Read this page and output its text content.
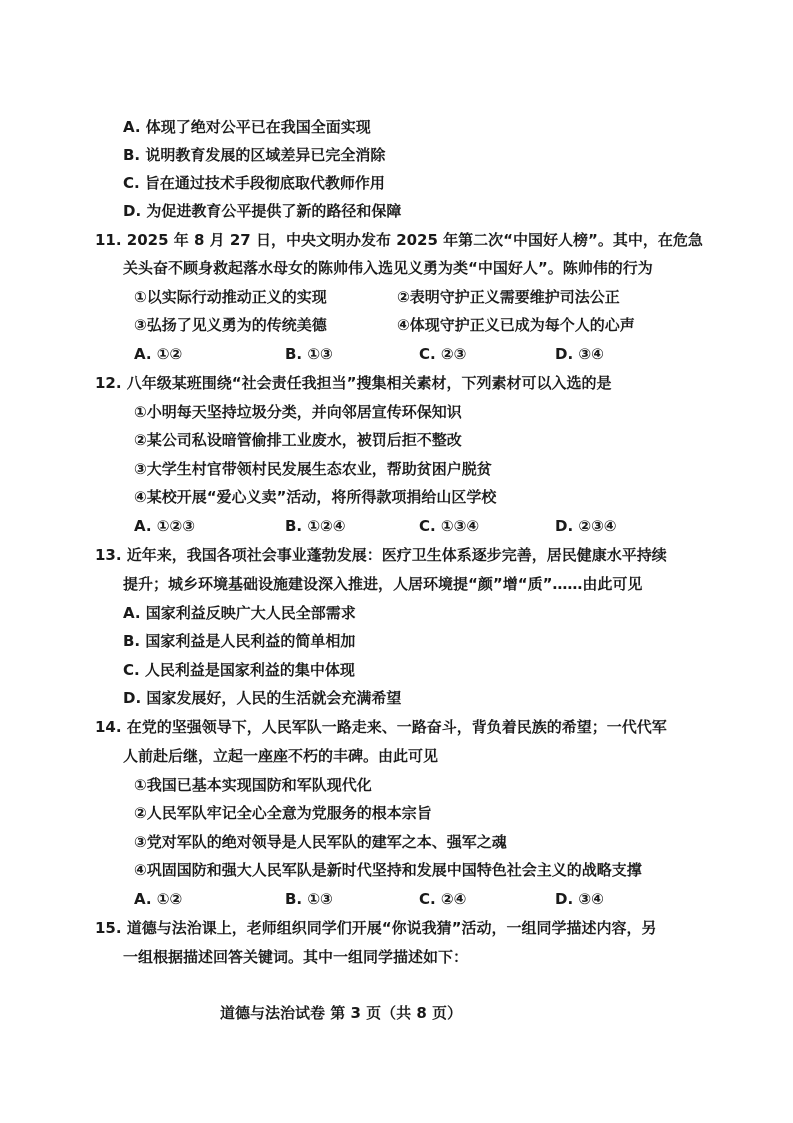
A. 体现了绝对公平已在我国全面实现
B. 说明教育发展的区域差异已完全消除
C. 旨在通过技术手段彻底取代教师作用
D. 为促进教育公平提供了新的路径和保障
11. 2025 年 8 月 27 日，中央文明办发布 2025 年第二次“中国好人榜”。其中，在危急
关头奋不顾身救起落水母女的陈帅伟入选见义勇为类“中国好人”。陈帅伟的行为
①以实际行动推动正义的实现	②表明守护正义需要维护司法公正
③弘扬了见义勇为的传统美德	④体现守护正义已成为每个人的心声
A. ①②	B. ①③	C. ②③	D. ③④
12. 八年级某班围绕“社会责任我担当”搜集相关素材，下列素材可以入选的是
①小明每天坚持垃圾分类，并向邻居宣传环保知识
②某公司私设暗管偷排工业废水，被罚后拒不整改
③大学生村官带领村民发展生态农业，帮助贫困户脱贫
④某校开展“爱心义卖”活动，将所得款项捐给山区学校
A. ①②③	B. ①②④	C. ①③④	D. ②③④
13. 近年来，我国各项社会事业蓬勃发展：医疗卫生体系逐步完善，居民健康水平持续
提升；城乡环境基础设施建设深入推进，人居环境提“颜”增“质”……由此可见
A. 国家利益反映广大人民全部需求
B. 国家利益是人民利益的简单相加
C. 人民利益是国家利益的集中体现
D. 国家发展好，人民的生活就会充满希望
14. 在党的坚强领导下，人民军队一路走来、一路奋斗，背负着民族的希望；一代代军
人前赴后继，立起一座座不朽的丰碑。由此可见
①我国已基本实现国防和军队现代化
②人民军队牢记全心全意为党服务的根本宗旨
③党对军队的绝对领导是人民军队的建军之本、强军之魂
④巩固国防和强大人民军队是新时代坚持和发展中国特色社会主义的战略支撑
A. ①②	B. ①③	C. ②④	D. ③④
15. 道德与法治课上，老师组织同学们开展“你说我猜”活动，一组同学描述内容，另
一组根据描述回答关键词。其中一组同学描述如下：
道德与法治试卷 第 3 页（共 8 页）
